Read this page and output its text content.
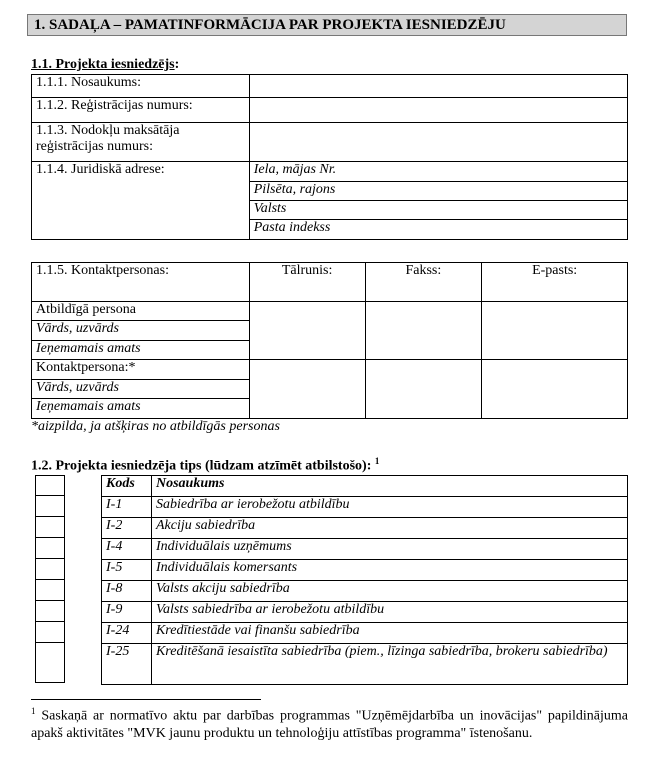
1. SADAĻA – PAMATINFORMĀCIJA PAR PROJEKTA IESNIEDZĒJU
1.1. Projekta iesniedzējs:
1.1.1. Nosaukums:	
1.1.2. Reģistrācijas numurs:	

1.1.3. Nodokļu maksātāja
reģistrācijas numurs:	

1.1.4. Juridiskā adrese:	Iela, mājas Nr.
	Pilsēta, rajons
	Valsts
	Pasta indekss
1.1.5. Kontaktpersonas:	Tālrunis:	Fakss:	E-pasts:
Atbildīgā persona			
Vārds, uzvārds			
Ieņemamais amats			
Kontaktpersona:*			
Vārds, uzvārds			
Ieņemamais amats			
*aizpilda, ja atšķiras no atbildīgās personas
1.2. Projekta iesniedzēja tips (lūdzam atzīmēt atbilstošo): $^1$
Kods	Nosaukums
I-1	Sabiedrība ar ierobežotu atbildību
I-2	Akciju sabiedrība
I-4	Individuālais uzņēmums
I-5	Individuālais komersants
I-8	Valsts akciju sabiedrība
I-9	Valsts sabiedrība ar ierobežotu atbildību
I-24	Kredītiestāde vai finanšu sabiedrība
I-25	Kreditēšanā iesaistīta sabiedrība (piem., līzinga sabiedrība, brokeru sabiedrība)
$^1$ Saskaņā ar normatīvo aktu par darbības programmas "Uzņēmējdarbība un inovācijas" papildinājuma apakš aktivitātes "MVK jaunu produktu un tehnoloģiju attīstības programma" īstenošanu.
